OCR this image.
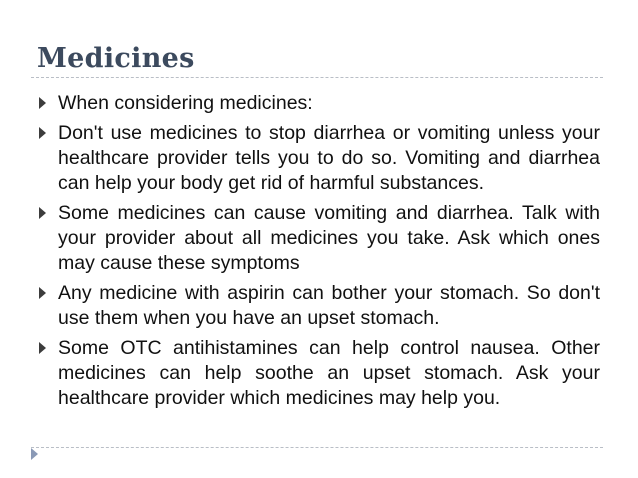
Medicines
When considering medicines:
Don't use medicines to stop diarrhea or vomiting unless your healthcare provider tells you to do so. Vomiting and diarrhea can help your body get rid of harmful substances.
Some medicines can cause vomiting and diarrhea. Talk with your provider about all medicines you take. Ask which ones may cause these symptoms
Any medicine with aspirin can bother your stomach. So don't use them when you have an upset stomach.
Some OTC antihistamines can help control nausea. Other medicines can help soothe an upset stomach. Ask your healthcare provider which medicines may help you.
